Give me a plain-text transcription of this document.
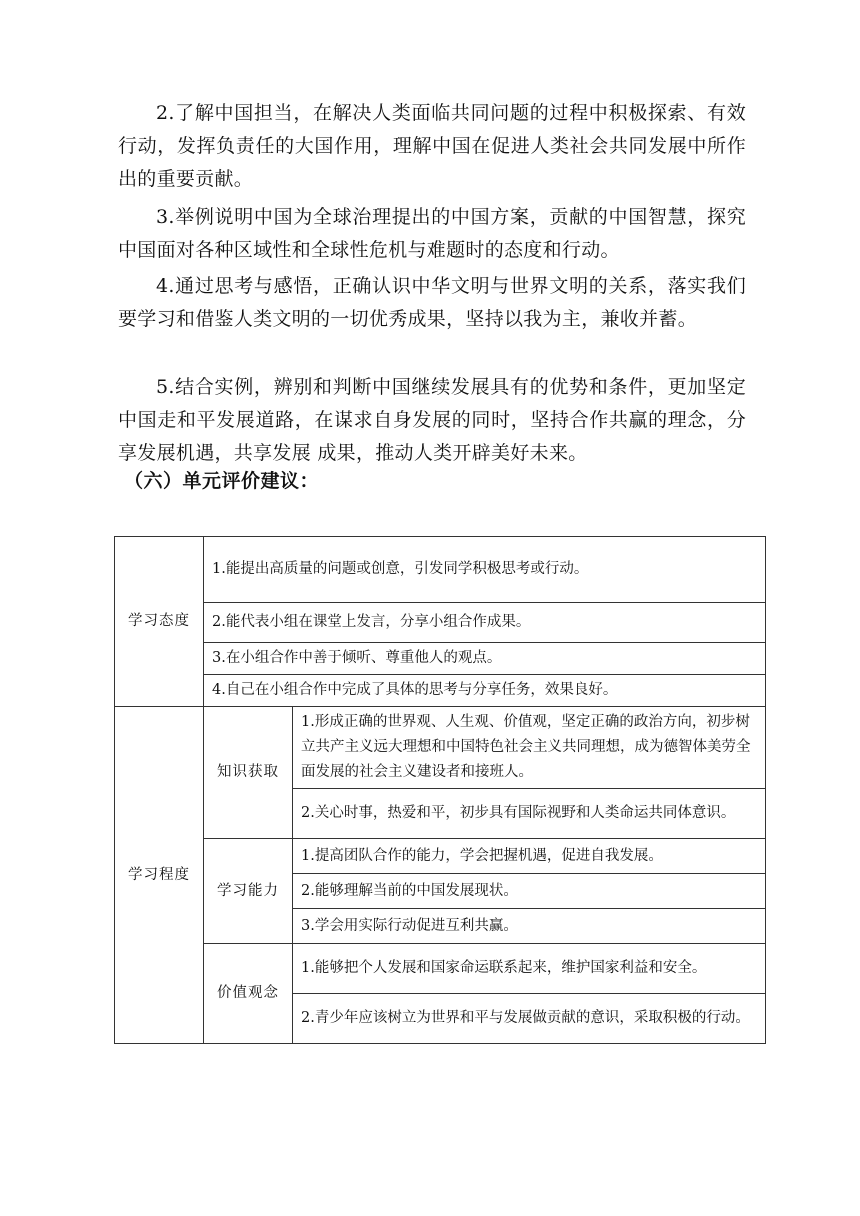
2.了解中国担当，在解决人类面临共同问题的过程中积极探索、有效行动，发挥负责任的大国作用，理解中国在促进人类社会共同发展中所作出的重要贡献。

3.举例说明中国为全球治理提出的中国方案，贡献的中国智慧，探究中国面对各种区域性和全球性危机与难题时的态度和行动。

4.通过思考与感悟，正确认识中华文明与世界文明的关系，落实我们要学习和借鉴人类文明的一切优秀成果，坚持以我为主，兼收并蓄。

5.结合实例，辨别和判断中国继续发展具有的优势和条件，更加坚定中国走和平发展道路，在谋求自身发展的同时，坚持合作共赢的理念，分享发展机遇，共享发展 成果，推动人类开辟美好未来。

（六）单元评价建议：
学习态度	1.能提出高质量的问题或创意，引发同学积极思考或行动。	
	2.能代表小组在课堂上发言，分享小组合作成果。	
	3.在小组合作中善于倾听、尊重他人的观点。	
	4.自己在小组合作中完成了具体的思考与分享任务，效果良好。	
学习程度	知识获取	1.形成正确的世界观、人生观、价值观，坚定正确的政治方向，初步树立共产主义远大理想和中国特色社会主义共同理想，成为德智体美劳全面发展的社会主义建设者和接班人。
		2.关心时事，热爱和平，初步具有国际视野和人类命运共同体意识。
	学习能力	1.提高团队合作的能力，学会把握机遇，促进自我发展。
		2.能够理解当前的中国发展现状。
		3.学会用实际行动促进互利共赢。
	价值观念	1.能够把个人发展和国家命运联系起来，维护国家利益和安全。
		2.青少年应该树立为世界和平与发展做贡献的意识，采取积极的行动。
